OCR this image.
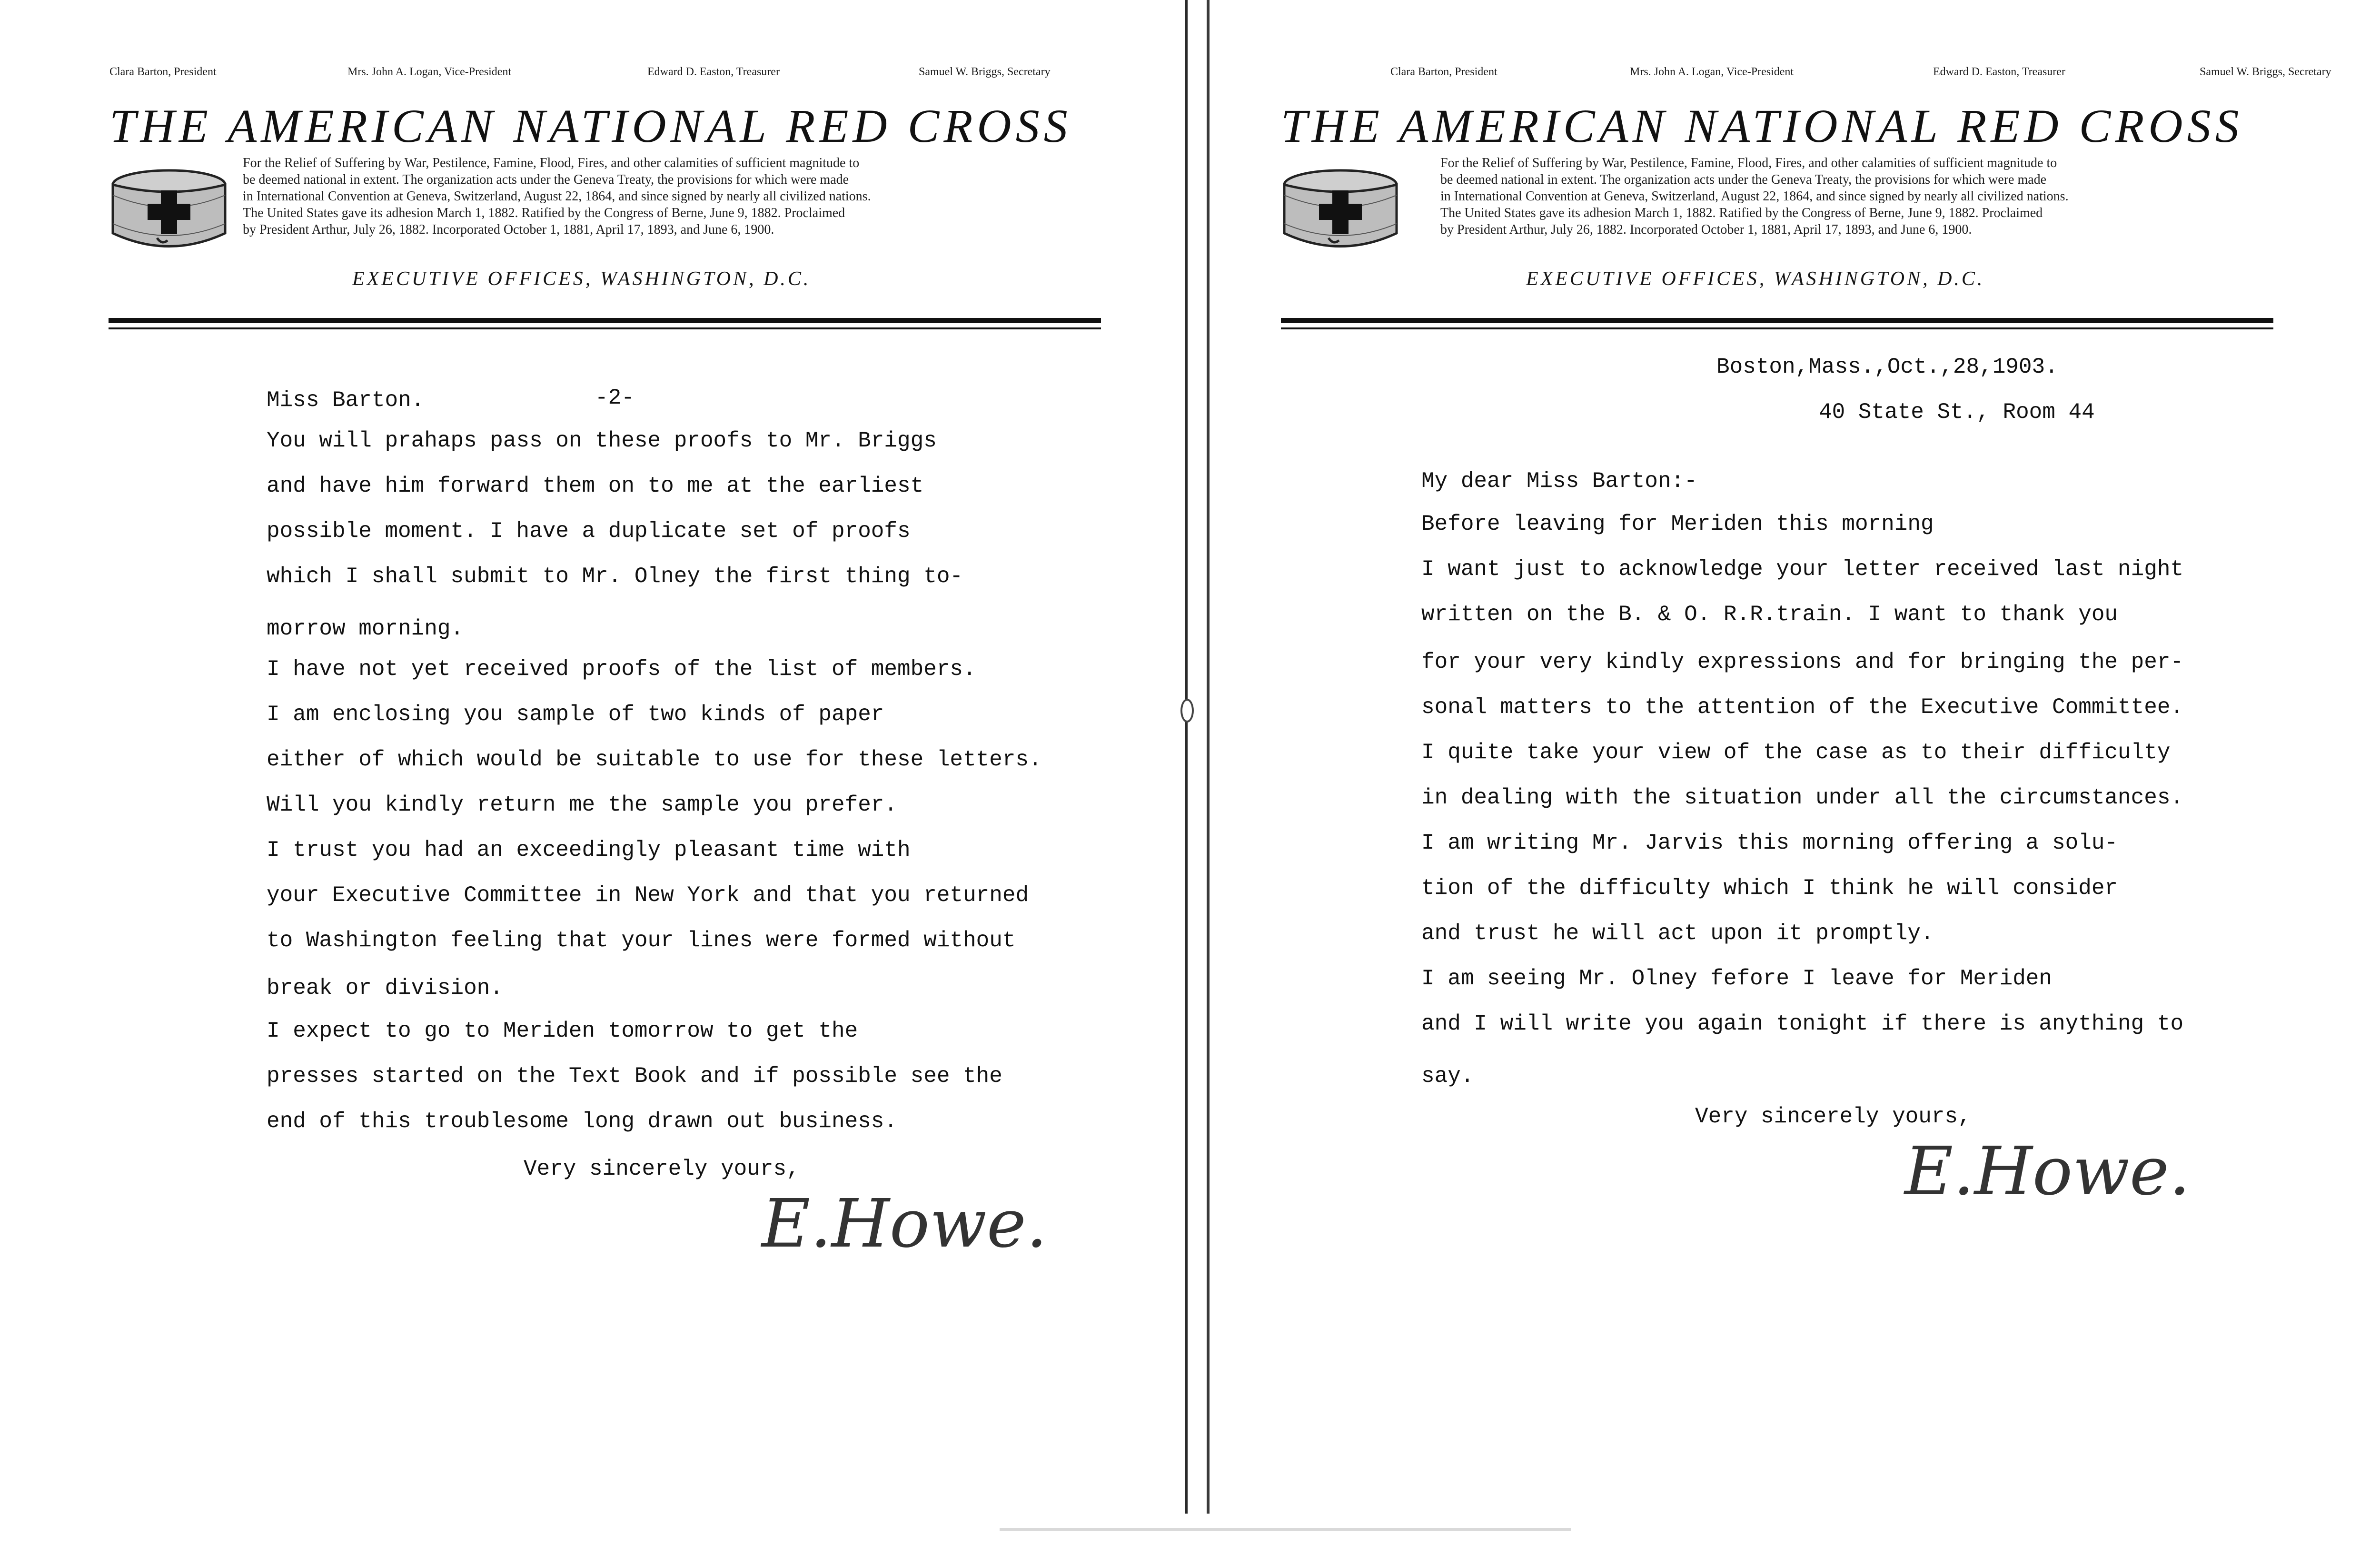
Clara Barton, President	Mrs. John A. Logan, Vice-President	Edward D. Easton, Treasurer	Samuel W. Briggs, Secretary
THE AMERICAN NATIONAL RED CROSS
For the Relief of Suffering by War, Pestilence, Famine, Flood, Fires, and other calamities of sufficient magnitude to
be deemed national in extent. The organization acts under the Geneva Treaty, the provisions for which were made
in International Convention at Geneva, Switzerland, August 22, 1864, and since signed by nearly all civilized nations.
The United States gave its adhesion March 1, 1882. Ratified by the Congress of Berne, June 9, 1882. Proclaimed
by President Arthur, July 26, 1882. Incorporated October 1, 1881, April 17, 1893, and June 6, 1900.
EXECUTIVE OFFICES, WASHINGTON, D.C.
Miss Barton.	-2-
You will prahaps pass on these proofs to Mr. Briggs
and have him forward them on to me at the earliest
possible moment. I have a duplicate set of proofs
which I shall submit to Mr. Olney the first thing to-
morrow morning.
I have not yet received proofs of the list of members.
I am enclosing you sample of two kinds of paper
either of which would be suitable to use for these letters.
Will you kindly return me the sample you prefer.
I trust you had an exceedingly pleasant time with
your Executive Committee in New York and that you returned
to Washington feeling that your lines were formed without
break or division.
I expect to go to Meriden tomorrow to get the
presses started on the Text Book and if possible see the
end of this troublesome long drawn out business.
Very sincerely yours,
E.Howe.
Clara Barton, President	Mrs. John A. Logan, Vice-President	Edward D. Easton, Treasurer	Samuel W. Briggs, Secretary
THE AMERICAN NATIONAL RED CROSS
For the Relief of Suffering by War, Pestilence, Famine, Flood, Fires, and other calamities of sufficient magnitude to
be deemed national in extent. The organization acts under the Geneva Treaty, the provisions for which were made
in International Convention at Geneva, Switzerland, August 22, 1864, and since signed by nearly all civilized nations.
The United States gave its adhesion March 1, 1882. Ratified by the Congress of Berne, June 9, 1882. Proclaimed
by President Arthur, July 26, 1882. Incorporated October 1, 1881, April 17, 1893, and June 6, 1900.
EXECUTIVE OFFICES, WASHINGTON, D.C.
Boston,Mass.,Oct.,28,1903.
40 State St., Room 44
My dear Miss Barton:-
Before leaving for Meriden this morning
I want just to acknowledge your letter received last night
written on the B. & O. R.R.train. I want to thank you
for your very kindly expressions and for bringing the per-
sonal matters to the attention of the Executive Committee.
I quite take your view of the case as to their difficulty
in dealing with the situation under all the circumstances.
I am writing Mr. Jarvis this morning offering a solu-
tion of the difficulty which I think he will consider
and trust he will act upon it promptly.
I am seeing Mr. Olney fefore I leave for Meriden
and I will write you again tonight if there is anything to
say.
Very sincerely yours,
E.Howe.
